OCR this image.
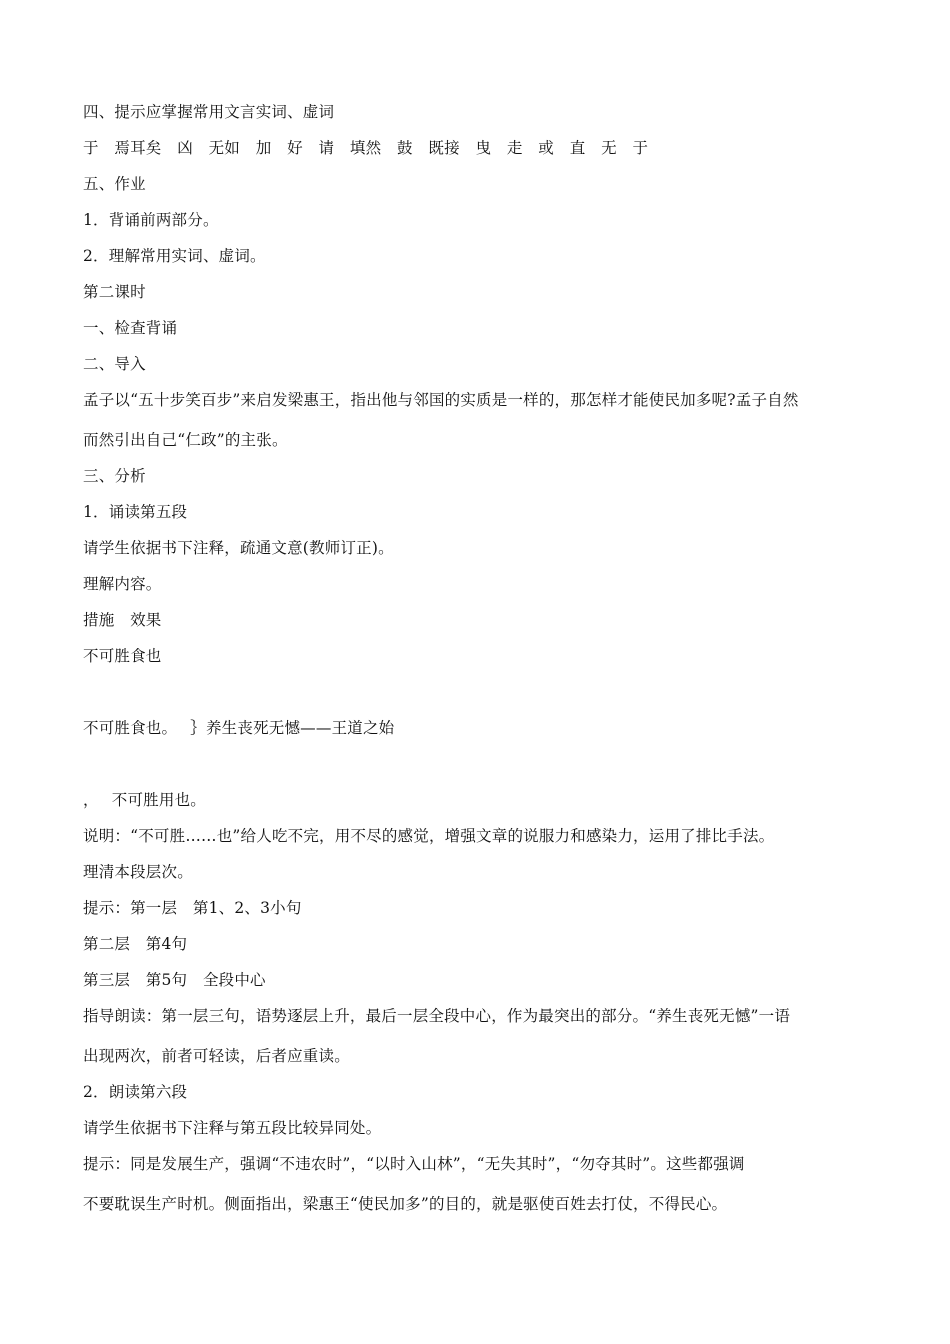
四、提示应掌握常用文言实词、虚词
于　焉耳矣　凶　无如　加　好　请　填然　鼓　既接　曳　走　或　直　无　于
五、作业
1．背诵前两部分。
2．理解常用实词、虚词。
第二课时
一、检查背诵
二、导入
孟子以“五十步笑百步”来启发梁惠王，指出他与邻国的实质是一样的，那怎样才能使民加多呢?孟子自然
而然引出自己“仁政”的主张。
三、分析
1．诵读第五段
请学生依据书下注释，疏通文意(教师订正)。
理解内容。
措施　效果
不可胜食也
不可胜食也。　 ｝养生丧死无憾——王道之始
，　 不可胜用也。
说明：“不可胜……也”给人吃不完，用不尽的感觉，增强文章的说服力和感染力，运用了排比手法。
理清本段层次。
提示：第一层　第1、2、3小句
第二层　第4句
第三层　第5句　全段中心
指导朗读：第一层三句，语势逐层上升，最后一层全段中心，作为最突出的部分。“养生丧死无憾”一语
出现两次，前者可轻读，后者应重读。
2．朗读第六段
请学生依据书下注释与第五段比较异同处。
提示：同是发展生产，强调“不违农时”，“以时入山林”，“无失其时”，“勿夺其时”。这些都强调
不要耽误生产时机。侧面指出，梁惠王“使民加多”的目的，就是驱使百姓去打仗，不得民心。
